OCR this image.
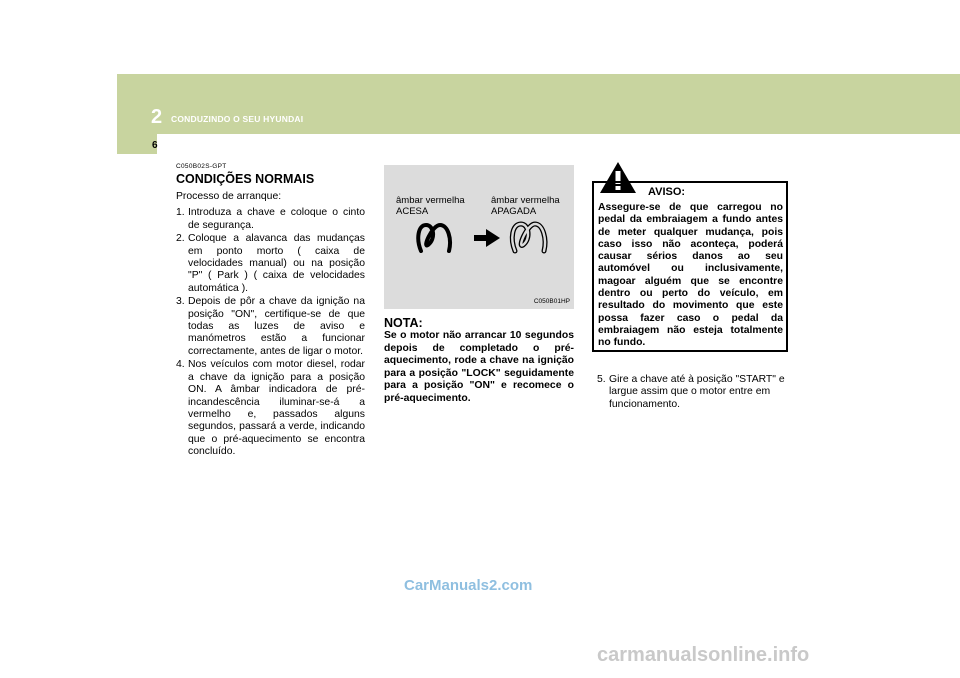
2 CONDUZINDO O SEU HYUNDAI
6
C050B02S-GPT
CONDIÇÕES NORMAIS
Processo de arranque:
1. Introduza a chave e coloque o cinto de segurança.
2. Coloque a alavanca das mudanças em ponto morto ( caixa de velocidades manual) ou na posição "P" ( Park ) ( caixa de velocidades automática ).
3. Depois de pôr a chave da ignição na posição "ON", certifique-se de que todas as luzes de aviso e manómetros estão a funcionar correctamente, antes de ligar o motor.
4. Nos veículos com motor diesel, rodar a chave da ignição para a posição ON. A âmbar indicadora de pré-incandescência iluminar-se-á a vermelho e, passados alguns segundos, passará a verde, indicando que o pré-aquecimento se encontra concluído.
âmbar vermelha
ACESA
âmbar vermelha
APAGADA
C050B01HP
NOTA:
Se o motor não arrancar 10 segundos depois de completado o pré-aquecimento, rode a chave na ignição para a posição "LOCK" seguidamente para a posição "ON" e recomece o pré-aquecimento.
Assegure-se de que carregou no pedal da embraiagem a fundo antes de meter qualquer mudança, pois caso isso não aconteça, poderá causar sérios danos ao seu automóvel ou inclusivamente, magoar alguém que se encontre dentro ou perto do veículo, em resultado do movimento que este possa fazer caso o pedal da embraiagem não esteja totalmente no fundo.
AVISO:
5. Gire a chave até à posição "START" e largue assim que o motor entre em funcionamento.
CarManuals2.com
carmanualsonline.info
